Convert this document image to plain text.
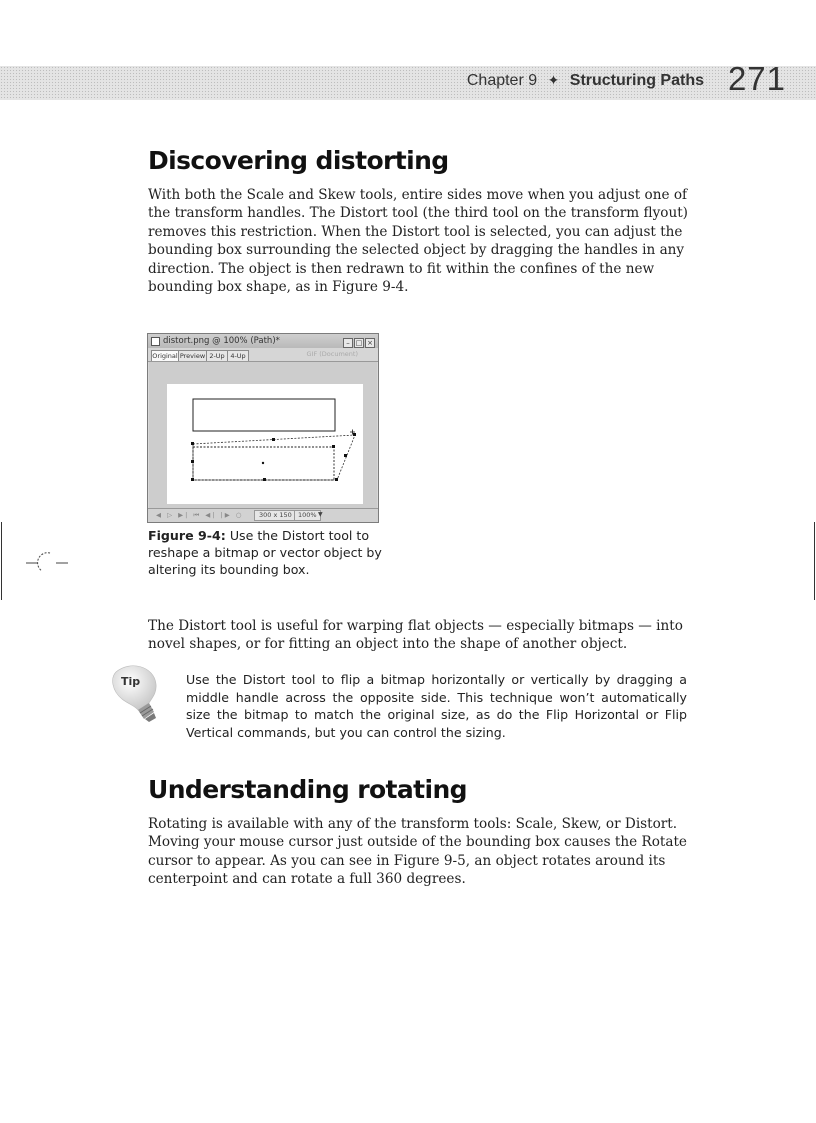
Chapter 9 ✦ Structuring Paths 271
Discovering distorting

With both the Scale and Skew tools, entire sides move when you adjust one of the transform handles. The Distort tool (the third tool on the transform flyout) removes this restriction. When the Distort tool is selected, you can adjust the bounding box surrounding the selected object by dragging the handles in any direction. The object is then redrawn to fit within the confines of the new bounding box shape, as in Figure 9-4.

distort.png @ 100% (Path)*	– □ ×
Original Preview 2-Up 4-Up	GIF (Document)
◀ ▷ ▶| ⏮ ◀| |▶ ○	300 x 150 100% ▼

Figure 9-4: Use the Distort tool to reshape a bitmap or vector object by altering its bounding box.

The Distort tool is useful for warping flat objects — especially bitmaps — into novel shapes, or for fitting an object into the shape of another object.

Tip	Use the Distort tool to flip a bitmap horizontally or vertically by dragging a middle handle across the opposite side. This technique won’t automatically size the bitmap to match the original size, as do the Flip Horizontal or Flip Vertical commands, but you can control the sizing.

Understanding rotating

Rotating is available with any of the transform tools: Scale, Skew, or Distort. Moving your mouse cursor just outside of the bounding box causes the Rotate cursor to appear. As you can see in Figure 9-5, an object rotates around its centerpoint and can rotate a full 360 degrees.
